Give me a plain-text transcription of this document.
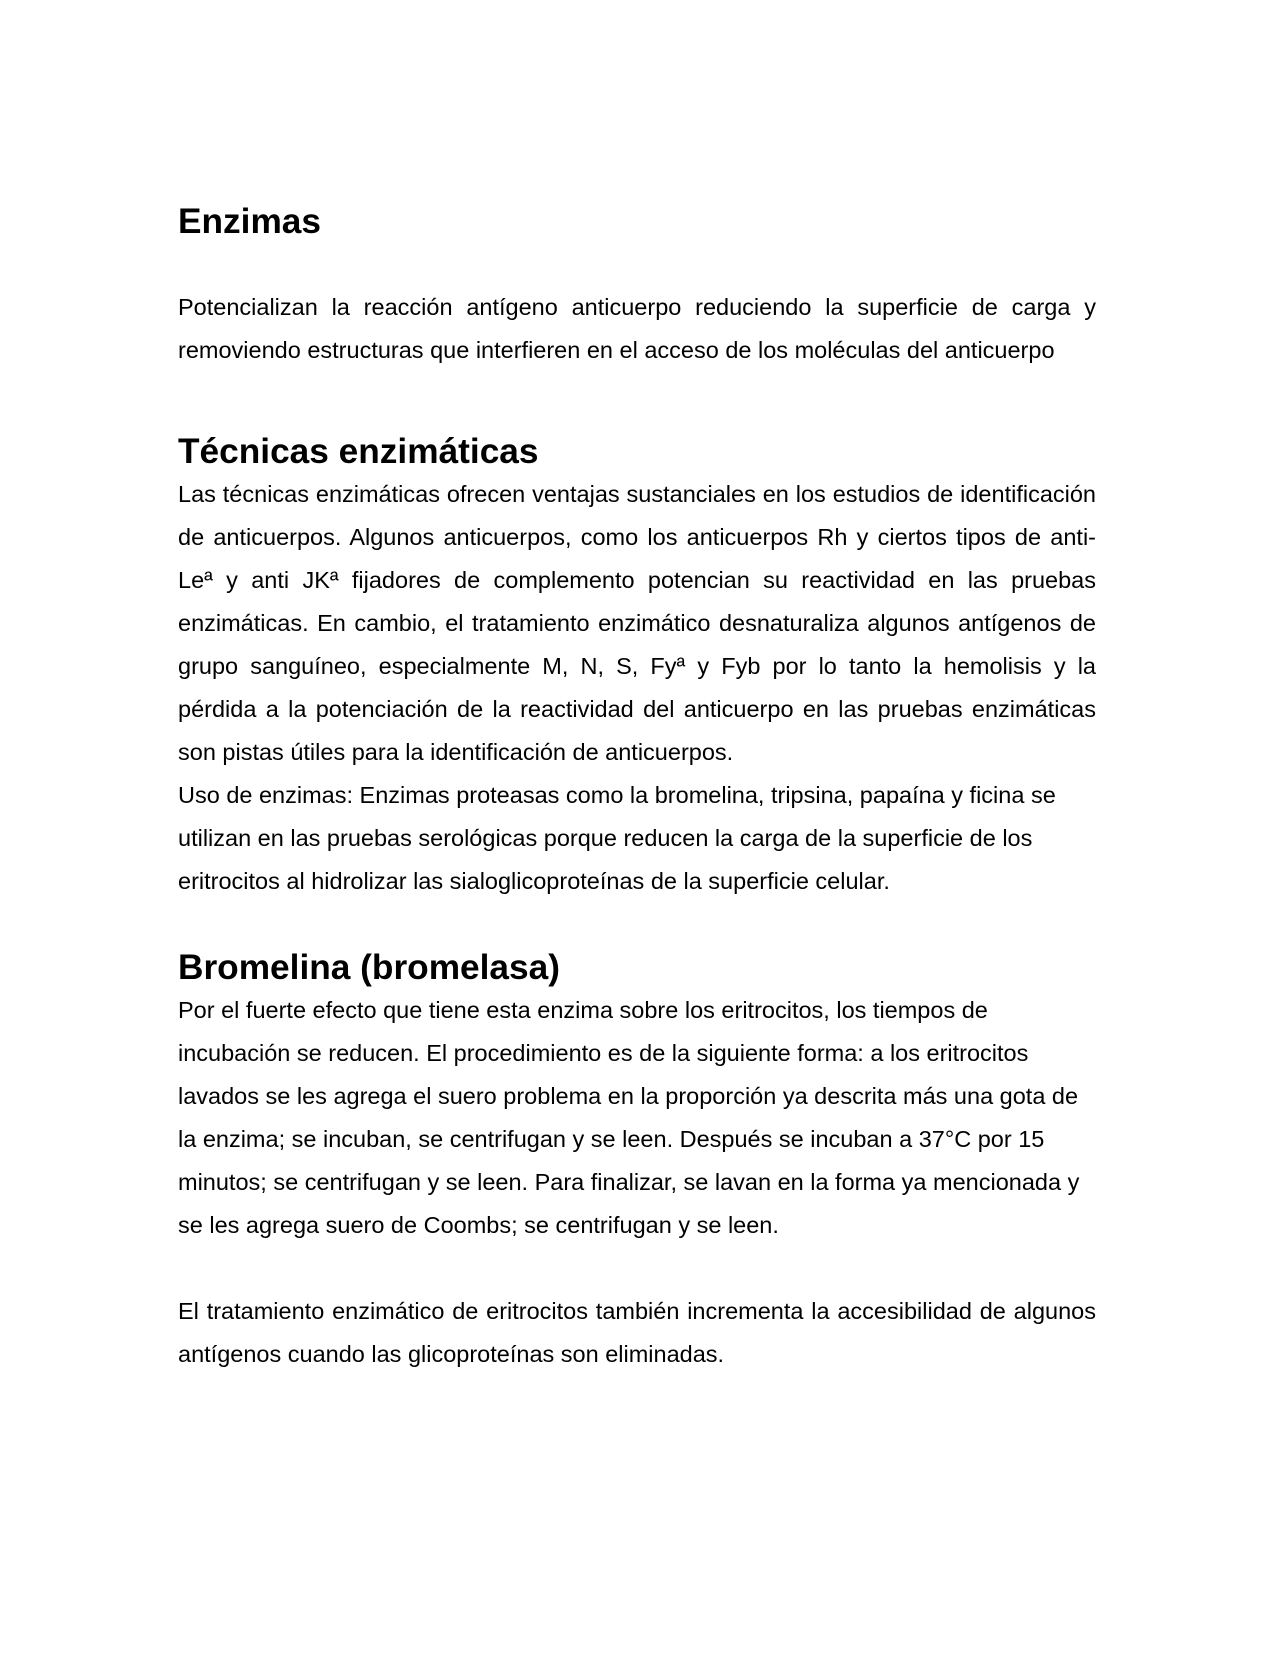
Enzimas

Potencializan la reacción antígeno anticuerpo reduciendo la superficie de carga y removiendo estructuras que interfieren en el acceso de los moléculas del anticuerpo

Técnicas enzimáticas

Las técnicas enzimáticas ofrecen ventajas sustanciales en los estudios de identificación de anticuerpos. Algunos anticuerpos, como los anticuerpos Rh y ciertos tipos de anti-Leª y anti JKª fijadores de complemento potencian su reactividad en las pruebas enzimáticas. En cambio, el tratamiento enzimático desnaturaliza algunos antígenos de grupo sanguíneo, especialmente M, N, S, Fyª y Fyb por lo tanto la hemolisis y la pérdida a la potenciación de la reactividad del anticuerpo en las pruebas enzimáticas son pistas útiles para la identificación de anticuerpos.

Uso de enzimas: Enzimas proteasas como la bromelina, tripsina, papaína y ficina se utilizan en las pruebas serológicas porque reducen la carga de la superficie de los eritrocitos al hidrolizar las sialoglicoproteínas de la superficie celular.

Bromelina (bromelasa)

Por el fuerte efecto que tiene esta enzima sobre los eritrocitos, los tiempos de incubación se reducen. El procedimiento es de la siguiente forma: a los eritrocitos lavados se les agrega el suero problema en la proporción ya descrita más una gota de la enzima; se incuban, se centrifugan y se leen. Después se incuban a 37°C por 15 minutos; se centrifugan y se leen. Para finalizar, se lavan en la forma ya mencionada y se les agrega suero de Coombs; se centrifugan y se leen.

El tratamiento enzimático de eritrocitos también incrementa la accesibilidad de algunos antígenos cuando las glicoproteínas son eliminadas.
